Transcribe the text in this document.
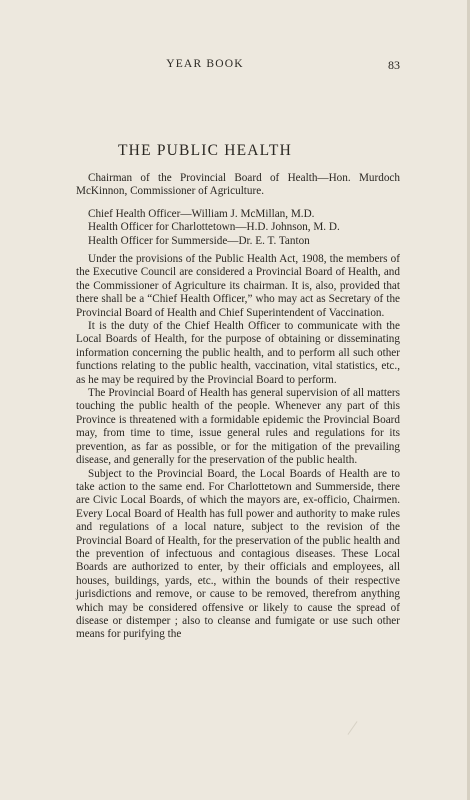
YEAR BOOK	83
THE PUBLIC HEALTH

Chairman of the Provincial Board of Health—Hon. Murdoch McKinnon, Commissioner of Agriculture.

Chief Health Officer—William J. McMillan, M.D.
Health Officer for Charlottetown—H.D. Johnson, M. D.
Health Officer for Summerside—Dr. E. T. Tanton

Under the provisions of the Public Health Act, 1908, the members of the Executive Council are considered a Provincial Board of Health, and the Commissioner of Agriculture its chairman. It is, also, provided that there shall be a “Chief Health Officer,” who may act as Secretary of the Provincial Board of Health and Chief Superintendent of Vaccination.

It is the duty of the Chief Health Officer to communicate with the Local Boards of Health, for the purpose of obtaining or disseminating information concerning the public health, and to perform all such other functions relating to the public health, vaccination, vital statistics, etc., as he may be required by the Provincial Board to perform.

The Provincial Board of Health has general supervision of all matters touching the public health of the people. Whenever any part of this Province is threatened with a formidable epidemic the Provincial Board may, from time to time, issue general rules and regulations for its prevention, as far as possible, or for the mitigation of the prevailing disease, and generally for the preservation of the public health.

Subject to the Provincial Board, the Local Boards of Health are to take action to the same end. For Charlottetown and Summerside, there are Civic Local Boards, of which the mayors are, ex-officio, Chairmen. Every Local Board of Health has full power and authority to make rules and regulations of a local nature, subject to the revision of the Provincial Board of Health, for the preservation of the public health and the prevention of infectuous and contagious diseases. These Local Boards are authorized to enter, by their officials and employees, all houses, buildings, yards, etc., within the bounds of their respective jurisdictions and remove, or cause to be removed, therefrom anything which may be considered offensive or likely to cause the spread of disease or distemper ; also to cleanse and fumigate or use such other means for purifying the
